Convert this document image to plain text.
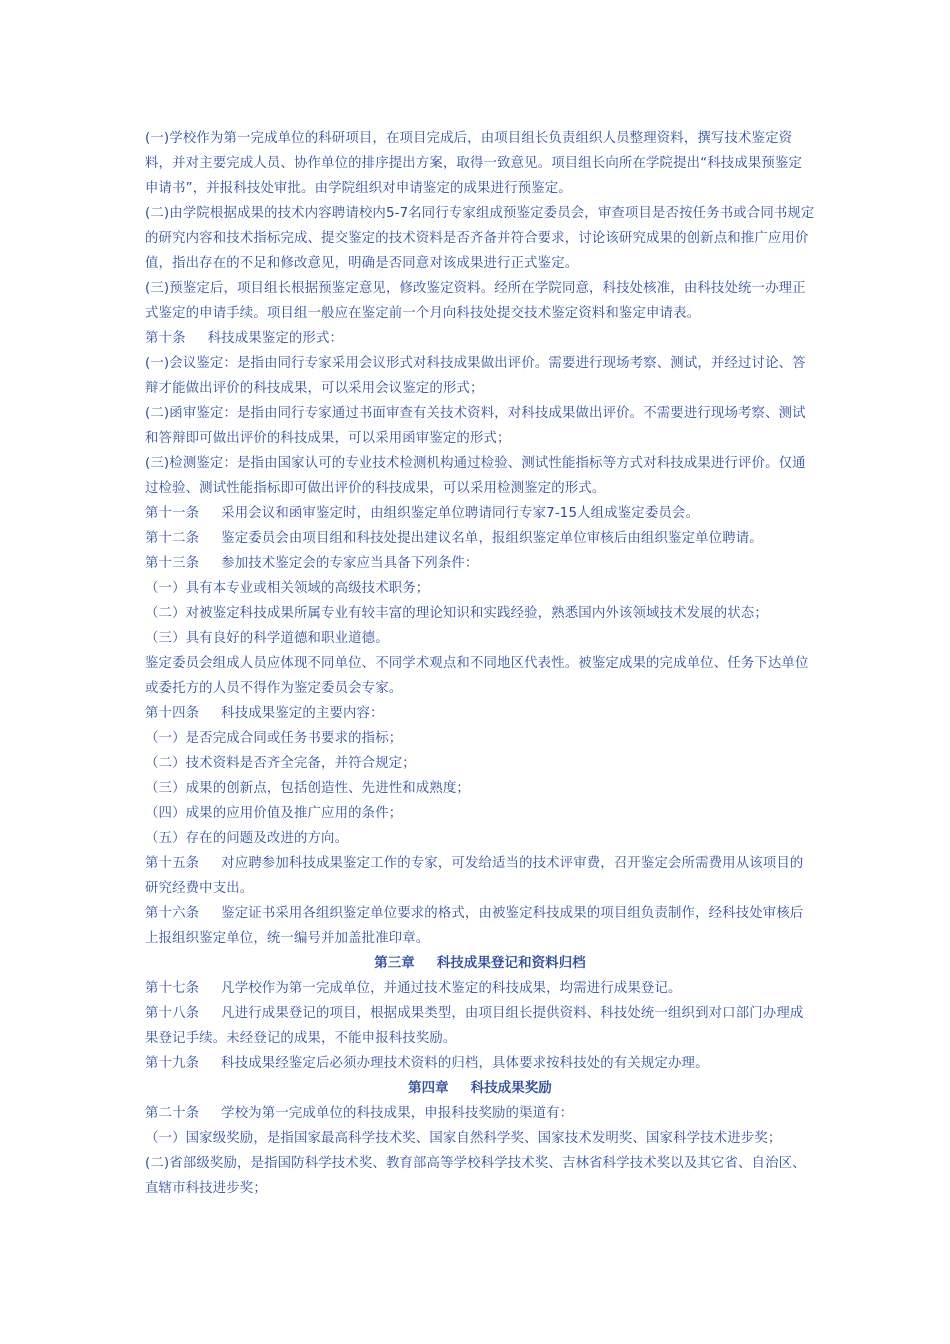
(一)学校作为第一完成单位的科研项目，在项目完成后，由项目组长负责组织人员整理资料，撰写技术鉴定资料，并对主要完成人员、协作单位的排序提出方案，取得一致意见。项目组长向所在学院提出“科技成果预鉴定申请书”，并报科技处审批。由学院组织对申请鉴定的成果进行预鉴定。

(二)由学院根据成果的技术内容聘请校内5-7名同行专家组成预鉴定委员会，审查项目是否按任务书或合同书规定的研究内容和技术指标完成、提交鉴定的技术资料是否齐备并符合要求，讨论该研究成果的创新点和推广应用价值，指出存在的不足和修改意见，明确是否同意对该成果进行正式鉴定。

(三)预鉴定后，项目组长根据预鉴定意见，修改鉴定资料。经所在学院同意，科技处核准，由科技处统一办理正式鉴定的申请手续。项目组一般应在鉴定前一个月向科技处提交技术鉴定资料和鉴定申请表。

第十条 科技成果鉴定的形式：

(一)会议鉴定：是指由同行专家采用会议形式对科技成果做出评价。需要进行现场考察、测试，并经过讨论、答辩才能做出评价的科技成果，可以采用会议鉴定的形式；

(二)函审鉴定：是指由同行专家通过书面审查有关技术资料，对科技成果做出评价。不需要进行现场考察、测试和答辩即可做出评价的科技成果，可以采用函审鉴定的形式；

(三)检测鉴定：是指由国家认可的专业技术检测机构通过检验、测试性能指标等方式对科技成果进行评价。仅通过检验、测试性能指标即可做出评价的科技成果，可以采用检测鉴定的形式。

第十一条 采用会议和函审鉴定时，由组织鉴定单位聘请同行专家7-15人组成鉴定委员会。

第十二条 鉴定委员会由项目组和科技处提出建议名单，报组织鉴定单位审核后由组织鉴定单位聘请。

第十三条 参加技术鉴定会的专家应当具备下列条件：

（一）具有本专业或相关领域的高级技术职务；

（二）对被鉴定科技成果所属专业有较丰富的理论知识和实践经验，熟悉国内外该领域技术发展的状态；

（三）具有良好的科学道德和职业道德。

鉴定委员会组成人员应体现不同单位、不同学术观点和不同地区代表性。被鉴定成果的完成单位、任务下达单位或委托方的人员不得作为鉴定委员会专家。

第十四条 科技成果鉴定的主要内容：

（一）是否完成合同或任务书要求的指标；

（二）技术资料是否齐全完备，并符合规定；

（三）成果的创新点，包括创造性、先进性和成熟度；

（四）成果的应用价值及推广应用的条件；

（五）存在的问题及改进的方向。

第十五条 对应聘参加科技成果鉴定工作的专家，可发给适当的技术评审费，召开鉴定会所需费用从该项目的研究经费中支出。

第十六条 鉴定证书采用各组织鉴定单位要求的格式，由被鉴定科技成果的项目组负责制作，经科技处审核后上报组织鉴定单位，统一编号并加盖批准印章。

第三章 科技成果登记和资料归档

第十七条 凡学校作为第一完成单位，并通过技术鉴定的科技成果，均需进行成果登记。

第十八条 凡进行成果登记的项目，根据成果类型，由项目组长提供资料、科技处统一组织到对口部门办理成果登记手续。未经登记的成果，不能申报科技奖励。

第十九条 科技成果经鉴定后必须办理技术资料的归档，具体要求按科技处的有关规定办理。

第四章 科技成果奖励

第二十条 学校为第一完成单位的科技成果，申报科技奖励的渠道有：

（一）国家级奖励，是指国家最高科学技术奖、国家自然科学奖、国家技术发明奖、国家科学技术进步奖；

(二)省部级奖励，是指国防科学技术奖、教育部高等学校科学技术奖、吉林省科学技术奖以及其它省、自治区、直辖市科技进步奖；
